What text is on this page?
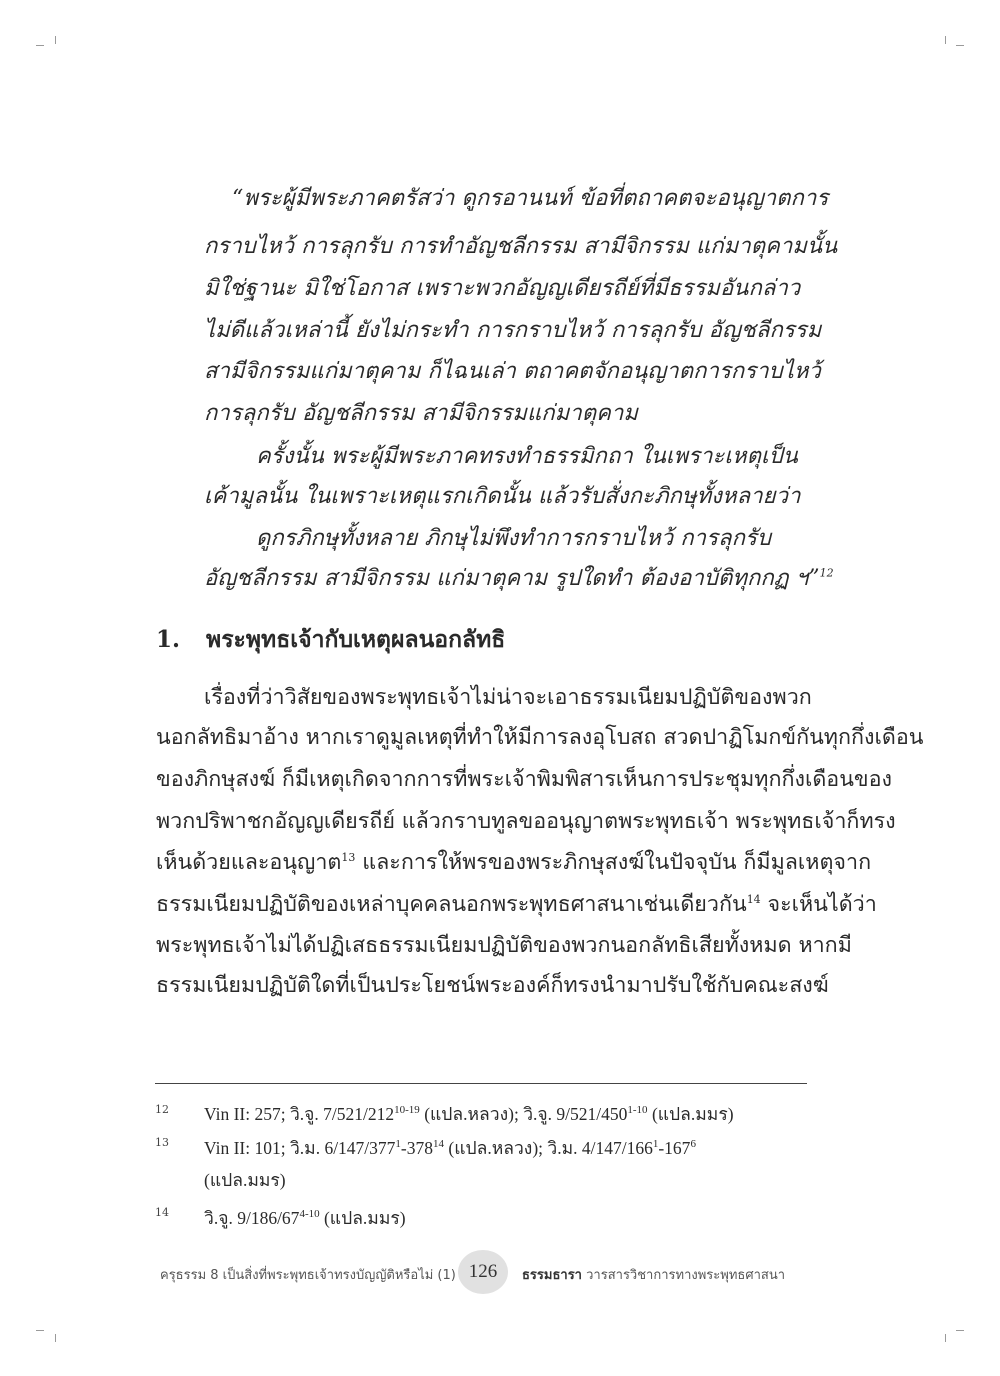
“พระผู้มีพระภาคตรัสว่า ดูกรอานนท์ ข้อที่ตถาคตจะอนุญาตการ
กราบไหว้ การลุกรับ การทำอัญชลีกรรม สามีจิกรรม แก่มาตุคามนั้น
มิใช่ฐานะ มิใช่โอกาส เพราะพวกอัญญเดียรถีย์ที่มีธรรมอันกล่าว
ไม่ดีแล้วเหล่านี้ ยังไม่กระทำ การกราบไหว้ การลุกรับ อัญชลีกรรม
สามีจิกรรมแก่มาตุคาม ก็ไฉนเล่า ตถาคตจักอนุญาตการกราบไหว้
การลุกรับ อัญชลีกรรม สามีจิกรรมแก่มาตุคาม
ครั้งนั้น พระผู้มีพระภาคทรงทำธรรมิกถา ในเพราะเหตุเป็น
เค้ามูลนั้น ในเพราะเหตุแรกเกิดนั้น แล้วรับสั่งกะภิกษุทั้งหลายว่า
ดูกรภิกษุทั้งหลาย ภิกษุไม่พึงทำการกราบไหว้ การลุกรับ
อัญชลีกรรม สามีจิกรรม แก่มาตุคาม รูปใดทำ ต้องอาบัติทุกกฏ ฯ”$^{12}$
1. พระพุทธเจ้ากับเหตุผลนอกลัทธิ
เรื่องที่ว่าวิสัยของพระพุทธเจ้าไม่น่าจะเอาธรรมเนียมปฏิบัติของพวก
นอกลัทธิมาอ้าง หากเราดูมูลเหตุที่ทำให้มีการลงอุโบสถ สวดปาฏิโมกข์กันทุกกึ่งเดือน
ของภิกษุสงฆ์ ก็มีเหตุเกิดจากการที่พระเจ้าพิมพิสารเห็นการประชุมทุกกึ่งเดือนของ
พวกปริพาชกอัญญเดียรถีย์ แล้วกราบทูลขออนุญาตพระพุทธเจ้า พระพุทธเจ้าก็ทรง
เห็นด้วยและอนุญาต$^{13}$ และการให้พรของพระภิกษุสงฆ์ในปัจจุบัน ก็มีมูลเหตุจาก
ธรรมเนียมปฏิบัติของเหล่าบุคคลนอกพระพุทธศาสนาเช่นเดียวกัน$^{14}$ จะเห็นได้ว่า
พระพุทธเจ้าไม่ได้ปฏิเสธธรรมเนียมปฏิบัติของพวกนอกลัทธิเสียทั้งหมด หากมี
ธรรมเนียมปฏิบัติใดที่เป็นประโยชน์พระองค์ก็ทรงนำมาปรับใช้กับคณะสงฆ์
12 Vin II: 257; วิ.จู. 7/521/212$^{10-19}$ (แปล.หลวง); วิ.จู. 9/521/450$^{1-10}$ (แปล.มมร)
13 Vin II: 101; วิ.ม. $6/147/377^1-378^{14}$ (แปล.หลวง); วิ.ม. $4/147/166^1-167^6$
(แปล.มมร)
14 วิ.จู. 9/186/67$^{4-10}$ (แปล.มมร)
ครุธรรม 8 เป็นสิ่งที่พระพุทธเจ้าทรงบัญญัติหรือไม่ (1) 126	ธรรมธารา วารสารวิชาการทางพระพุทธศาสนา
